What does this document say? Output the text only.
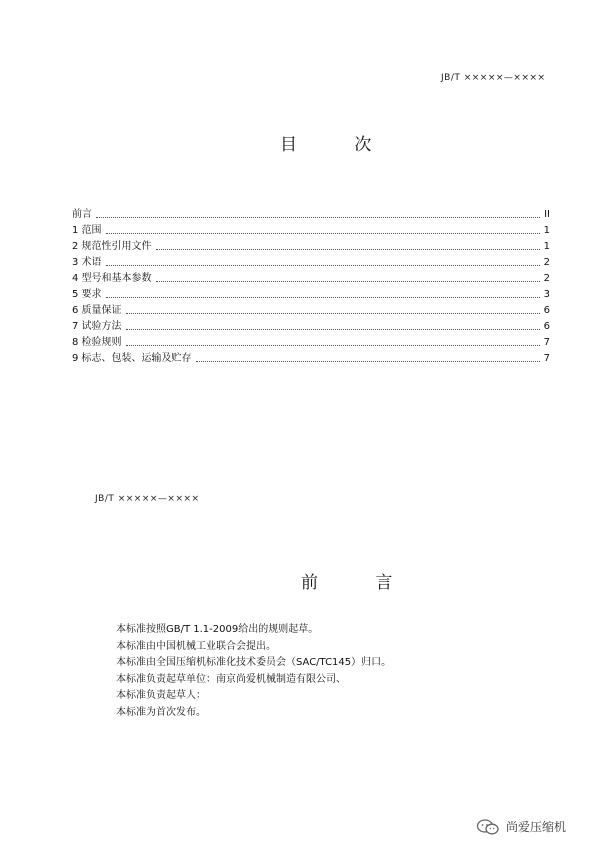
JB/T ×××××—××××
目 次
前言	II
1 范围	1
2 规范性引用文件	1
3 术语	2
4 型号和基本参数	2
5 要求	3
6 质量保证	6
7 试验方法	6
8 检验规则	7
9 标志、包装、运输及贮存	7
JB/T ×××××—××××
前 言
本标准按照GB/T 1.1-2009给出的规则起草。
本标准由中国机械工业联合会提出。
本标准由全国压缩机标准化技术委员会（SAC/TC145）归口。
本标准负责起草单位：南京尚爱机械制造有限公司、
本标准负责起草人：
本标准为首次发布。
尚爱压缩机
